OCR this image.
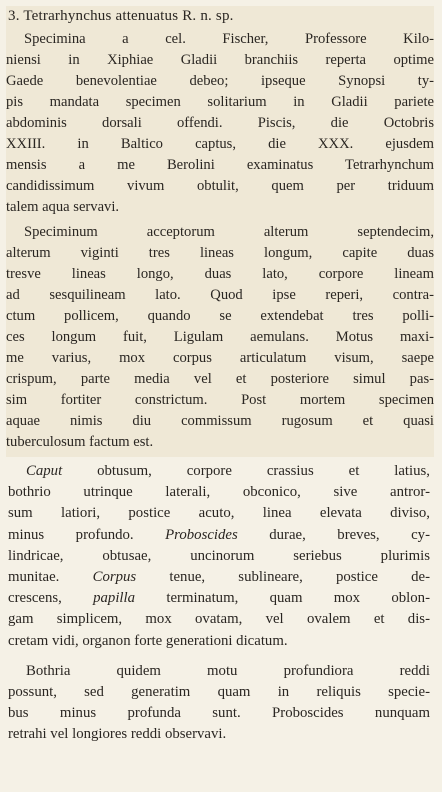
3. Tetrarhynchus attenuatus R. n. sp.
Specimina a cel. Fischer, Professore Kilo-
niensi in Xiphiae Gladii branchiis reperta optime
Gaede benevolentiae debeo; ipseque Synopsi ty-
pis mandata specimen solitarium in Gladii pariete
abdominis dorsali offendi. Piscis, die Octobris
XXIII. in Baltico captus, die XXX. ejusdem
mensis a me Berolini examinatus Tetrarhynchum
candidissimum vivum obtulit, quem per triduum
talem aqua servavi.
Speciminum acceptorum alterum septendecim,
alterum viginti tres lineas longum, capite duas
tresve lineas longo, duas lato, corpore lineam
ad sesquilineam lato. Quod ipse reperi, contra-
ctum pollicem, quando se extendebat tres polli-
ces longum fuit, Ligulam aemulans. Motus maxi-
me varius, mox corpus articulatum visum, saepe
crispum, parte media vel et posteriore simul pas-
sim fortiter constrictum. Post mortem specimen
aquae nimis diu commissum rugosum et quasi
tuberculosum factum est.
Caput obtusum, corpore crassius et latius,
bothrio utrinque laterali, obconico, sive antror-
sum latiori, postice acuto, linea elevata diviso,
minus profundo. Proboscides durae, breves, cy-
lindricae, obtusae, uncinorum seriebus plurimis
munitae. Corpus tenue, sublineare, postice de-
crescens, papilla terminatum, quam mox oblon-
gam simplicem, mox ovatam, vel ovalem et dis-
cretam vidi, organon forte generationi dicatum.
Bothria quidem motu profundiora reddi
possunt, sed generatim quam in reliquis specie-
bus minus profunda sunt. Proboscides nunquam
retrahi vel longiores reddi observavi.
